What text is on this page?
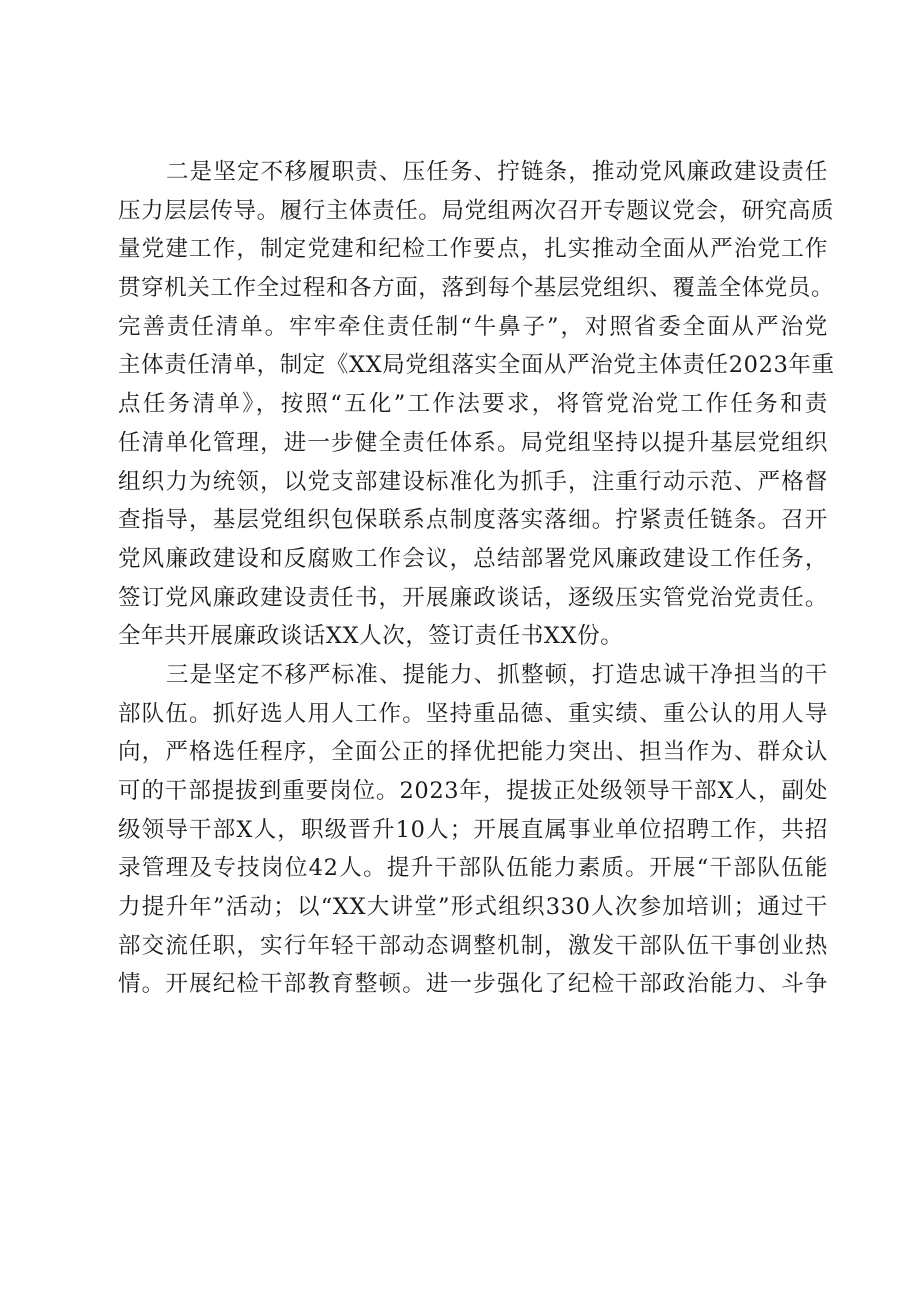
二是坚定不移履职责、压任务、拧链条，推动党风廉政建设责任
压力层层传导。履行主体责任。局党组两次召开专题议党会，研究高质
量党建工作，制定党建和纪检工作要点，扎实推动全面从严治党工作
贯穿机关工作全过程和各方面，落到每个基层党组织、覆盖全体党员。
完善责任清单。牢牢牵住责任制“牛鼻子”，对照省委全面从严治党
主体责任清单，制定《XX局党组落实全面从严治党主体责任2023年重
点任务清单》，按照“五化”工作法要求，将管党治党工作任务和责
任清单化管理，进一步健全责任体系。局党组坚持以提升基层党组织
组织力为统领，以党支部建设标准化为抓手，注重行动示范、严格督
查指导，基层党组织包保联系点制度落实落细。拧紧责任链条。召开
党风廉政建设和反腐败工作会议，总结部署党风廉政建设工作任务，
签订党风廉政建设责任书，开展廉政谈话，逐级压实管党治党责任。
全年共开展廉政谈话XX人次，签订责任书XX份。
三是坚定不移严标准、提能力、抓整顿，打造忠诚干净担当的干
部队伍。抓好选人用人工作。坚持重品德、重实绩、重公认的用人导
向，严格选任程序，全面公正的择优把能力突出、担当作为、群众认
可的干部提拔到重要岗位。2023年，提拔正处级领导干部X人，副处
级领导干部X人，职级晋升10人；开展直属事业单位招聘工作，共招
录管理及专技岗位42人。提升干部队伍能力素质。开展“干部队伍能
力提升年”活动；以“XX大讲堂”形式组织330人次参加培训；通过干
部交流任职，实行年轻干部动态调整机制，激发干部队伍干事创业热
情。开展纪检干部教育整顿。进一步强化了纪检干部政治能力、斗争
